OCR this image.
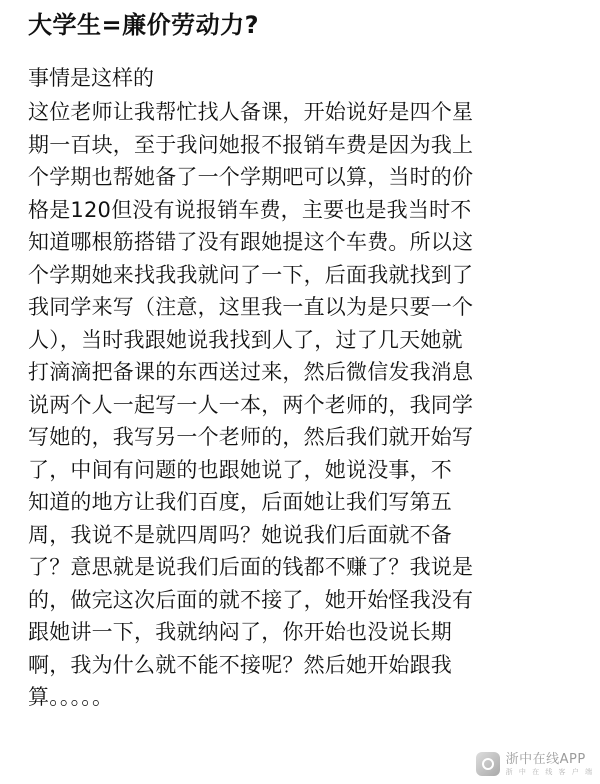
大学生=廉价劳动力?
事情是这样的
这位老师让我帮忙找人备课，开始说好是四个星
期一百块，至于我问她报不报销车费是因为我上
个学期也帮她备了一个学期吧可以算，当时的价
格是120但没有说报销车费，主要也是我当时不
知道哪根筋搭错了没有跟她提这个车费。所以这
个学期她来找我我就问了一下，后面我就找到了
我同学来写（注意，这里我一直以为是只要一个
人），当时我跟她说我找到人了，过了几天她就
打滴滴把备课的东西送过来，然后微信发我消息
说两个人一起写一人一本，两个老师的，我同学
写她的，我写另一个老师的，然后我们就开始写
了，中间有问题的也跟她说了，她说没事，不
知道的地方让我们百度，后面她让我们写第五
周，我说不是就四周吗？她说我们后面就不备
了？意思就是说我们后面的钱都不赚了？我说是
的，做完这次后面的就不接了，她开始怪我没有
跟她讲一下，我就纳闷了，你开始也没说长期
啊，我为什么就不能不接呢？然后她开始跟我
算。。。。。
浙中在线APP
浙 中 在 线 客 户 端
